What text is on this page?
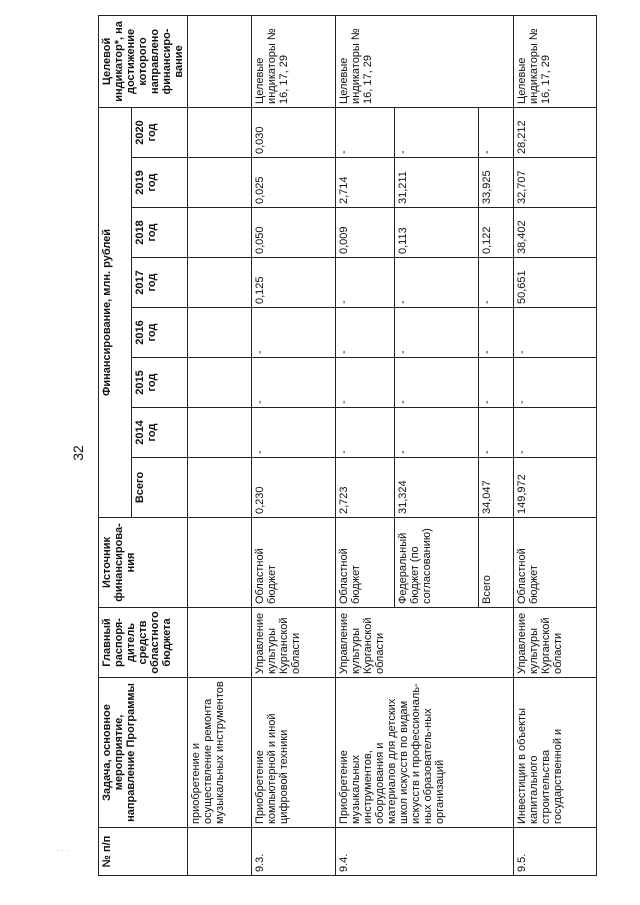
32
· · ·	№ п/п	Задача, основное мероприятие, направление Программы	Главный распоря-дитель средств областного бюджета	Источник финансирова-ния	Финансирование, млн. рублей								Целевой индикатор*, на достижение которого направлено финансиро-вание
				Всего	2014 год	2015 год	2016 год	2017 год	2018 год	2019 год	2020 год	
	приобретение и осуществление ремонта музыкальных инструментов											
9.3.	Приобретение компьютерной и иной цифровой техники	Управление культуры Курганской области	Областной бюджет	0,230	-	-	-	0,125	0,050	0,025	0,030	Целевые индикаторы № 16, 17, 29
9.4.	Приобретение музыкальных инструментов, оборудования и материалов для детских школ искусств по видам искусств и профессиональ-ных образователь-ных организаций	Управление культуры Курганской области	Областной бюджет	2,723	-	-	-	-	0,009	2,714	-	Целевые индикаторы № 16, 17, 29
			Федеральный бюджет (по согласованию)	31,324	-	-	-	-	0,113	31,211	-	
			Всего	34,047	-	-	-	-	0,122	33,925	-	
9.5.	Инвестиции в объекты капитального строительства государственной и	Управление культуры Курганской области	Областной бюджет	149,972	-	-	-	50,651	38,402	32,707	28,212	Целевые индикаторы № 16, 17, 29
